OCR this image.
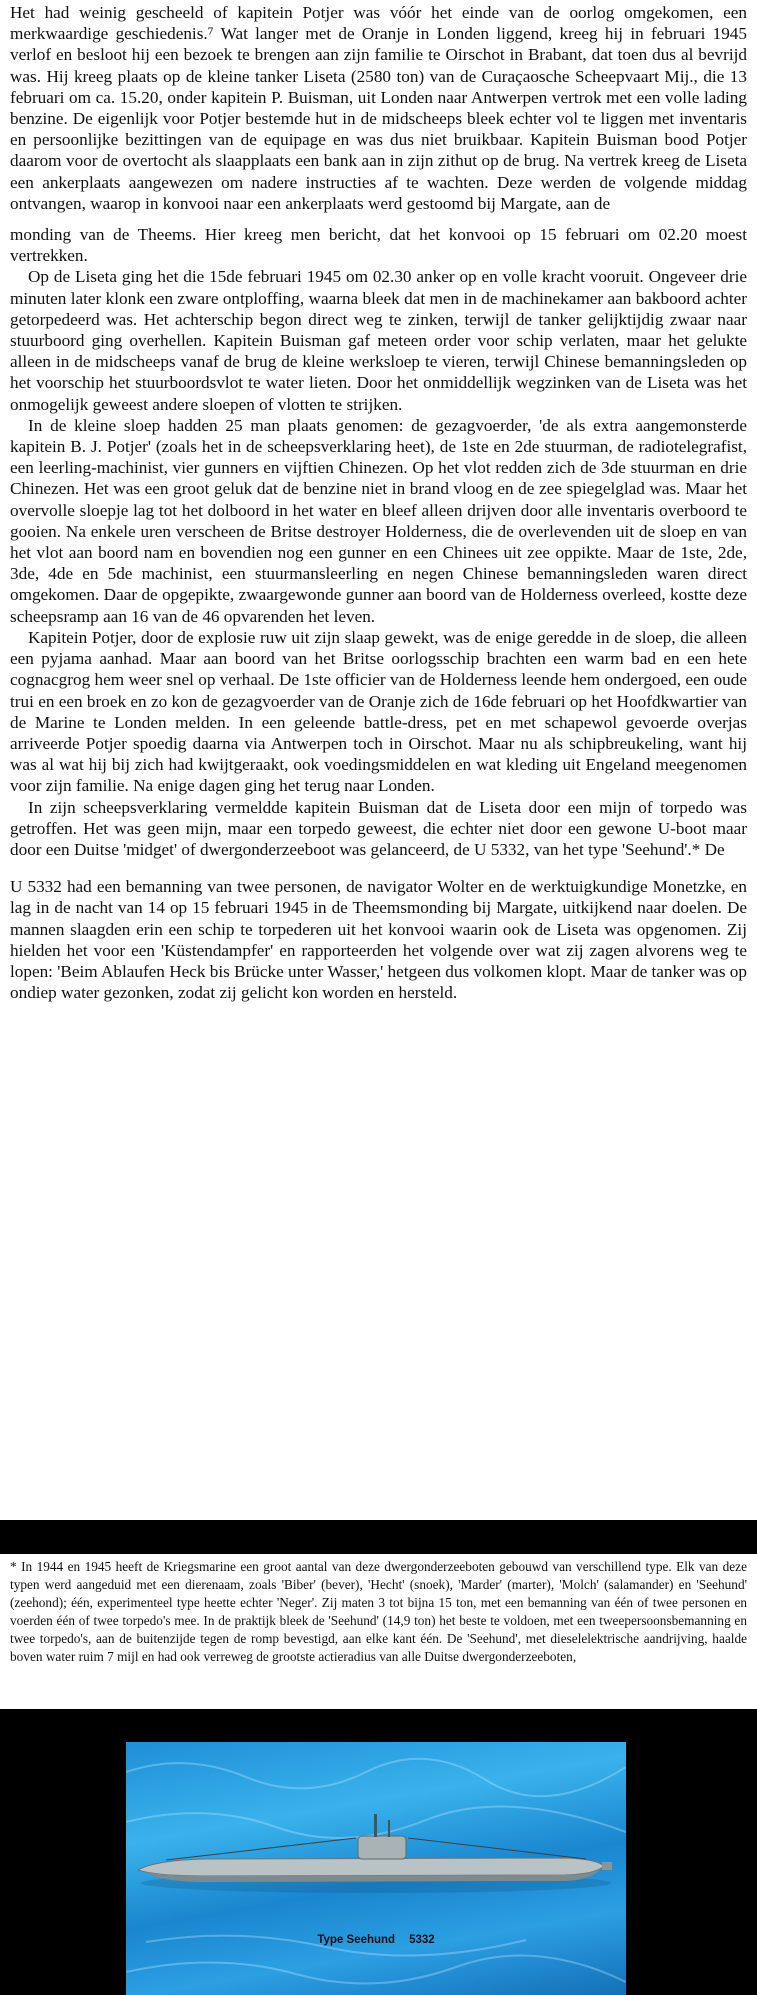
Het had weinig gescheeld of kapitein Potjer was vóór het einde van de oorlog omgekomen, een merkwaardige geschiedenis.⁷ Wat langer met de Oranje in Londen liggend, kreeg hij in februari 1945 verlof en besloot hij een bezoek te brengen aan zijn familie te Oirschot in Brabant, dat toen dus al bevrijd was. Hij kreeg plaats op de kleine tanker Liseta (2580 ton) van de Curaçaosche Scheepvaart Mij., die 13 februari om ca. 15.20, onder kapitein P. Buisman, uit Londen naar Antwerpen vertrok met een volle lading benzine. De eigenlijk voor Potjer bestemde hut in de midscheeps bleek echter vol te liggen met inventaris en persoonlijke bezittingen van de equipage en was dus niet bruikbaar. Kapitein Buisman bood Potjer daarom voor de overtocht als slaapplaats een bank aan in zijn zithut op de brug. Na vertrek kreeg de Liseta een ankerplaats aangewezen om nadere instructies af te wachten. Deze werden de volgende middag ontvangen, waarop in konvooi naar een ankerplaats werd gestoomd bij Margate, aan de

monding van de Theems. Hier kreeg men bericht, dat het konvooi op 15 februari om 02.20 moest vertrekken.

Op de Liseta ging het die 15de februari 1945 om 02.30 anker op en volle kracht vooruit. Ongeveer drie minuten later klonk een zware ontploffing, waarna bleek dat men in de machinekamer aan bakboord achter getorpedeerd was. Het achterschip begon direct weg te zinken, terwijl de tanker gelijktijdig zwaar naar stuurboord ging overhellen. Kapitein Buisman gaf meteen order voor schip verlaten, maar het gelukte alleen in de midscheeps vanaf de brug de kleine werksloep te vieren, terwijl Chinese bemanningsleden op het voorschip het stuurboordsvlot te water lieten. Door het onmiddellijk wegzinken van de Liseta was het onmogelijk geweest andere sloepen of vlotten te strijken.

In de kleine sloep hadden 25 man plaats genomen: de gezagvoerder, 'de als extra aangemonsterde kapitein B. J. Potjer' (zoals het in de scheepsverklaring heet), de 1ste en 2de stuurman, de radiotelegrafist, een leerling-machinist, vier gunners en vijftien Chinezen. Op het vlot redden zich de 3de stuurman en drie Chinezen. Het was een groot geluk dat de benzine niet in brand vloog en de zee spiegelglad was. Maar het overvolle sloepje lag tot het dolboord in het water en bleef alleen drijven door alle inventaris overboord te gooien. Na enkele uren verscheen de Britse destroyer Holderness, die de overlevenden uit de sloep en van het vlot aan boord nam en bovendien nog een gunner en een Chinees uit zee oppikte. Maar de 1ste, 2de, 3de, 4de en 5de machinist, een stuurmansleerling en negen Chinese bemanningsleden waren direct omgekomen. Daar de opgepikte, zwaargewonde gunner aan boord van de Holderness overleed, kostte deze scheepsramp aan 16 van de 46 opvarenden het leven.

Kapitein Potjer, door de explosie ruw uit zijn slaap gewekt, was de enige geredde in de sloep, die alleen een pyjama aanhad. Maar aan boord van het Britse oorlogsschip brachten een warm bad en een hete cognacgrog hem weer snel op verhaal. De 1ste officier van de Holderness leende hem ondergoed, een oude trui en een broek en zo kon de gezagvoerder van de Oranje zich de 16de februari op het Hoofdkwartier van de Marine te Londen melden. In een geleende battle-dress, pet en met schapewol gevoerde overjas arriveerde Potjer spoedig daarna via Antwerpen toch in Oirschot. Maar nu als schipbreukeling, want hij was al wat hij bij zich had kwijtgeraakt, ook voedingsmiddelen en wat kleding uit Engeland meegenomen voor zijn familie. Na enige dagen ging het terug naar Londen.

In zijn scheepsverklaring vermeldde kapitein Buisman dat de Liseta door een mijn of torpedo was getroffen. Het was geen mijn, maar een torpedo geweest, die echter niet door een gewone U-boot maar door een Duitse 'midget' of dwergonderzeeboot was gelanceerd, de U 5332, van het type 'Seehund'.* De

U 5332 had een bemanning van twee personen, de navigator Wolter en de werktuigkundige Monetzke, en lag in de nacht van 14 op 15 februari 1945 in de Theemsmonding bij Margate, uitkijkend naar doelen. De mannen slaagden erin een schip te torpederen uit het konvooi waarin ook de Liseta was opgenomen. Zij hielden het voor een 'Küstendampfer' en rapporteerden het volgende over wat zij zagen alvorens weg te lopen: 'Beim Ablaufen Heck bis Brücke unter Wasser,' hetgeen dus volkomen klopt. Maar de tanker was op ondiep water gezonken, zodat zij gelicht kon worden en hersteld.

* In 1944 en 1945 heeft de Kriegsmarine een groot aantal van deze dwergonderzeeboten gebouwd van verschillend type. Elk van deze typen werd aangeduid met een dierenaam, zoals 'Biber' (bever), 'Hecht' (snoek), 'Marder' (marter), 'Molch' (salamander) en 'Seehund' (zeehond); één, experimenteel type heette echter 'Neger'. Zij maten 3 tot bijna 15 ton, met een bemanning van één of twee personen en voerden één of twee torpedo's mee. In de praktijk bleek de 'Seehund' (14,9 ton) het beste te voldoen, met een tweepersoonsbemanning en twee torpedo's, aan de buitenzijde tegen de romp bevestigd, aan elke kant één. De 'Seehund', met dieselelektrische aandrijving, haalde boven water ruim 7 mijl en had ook verreweg de grootste actieradius van alle Duitse dwergonderzeeboten,
Type Seehund 5332
